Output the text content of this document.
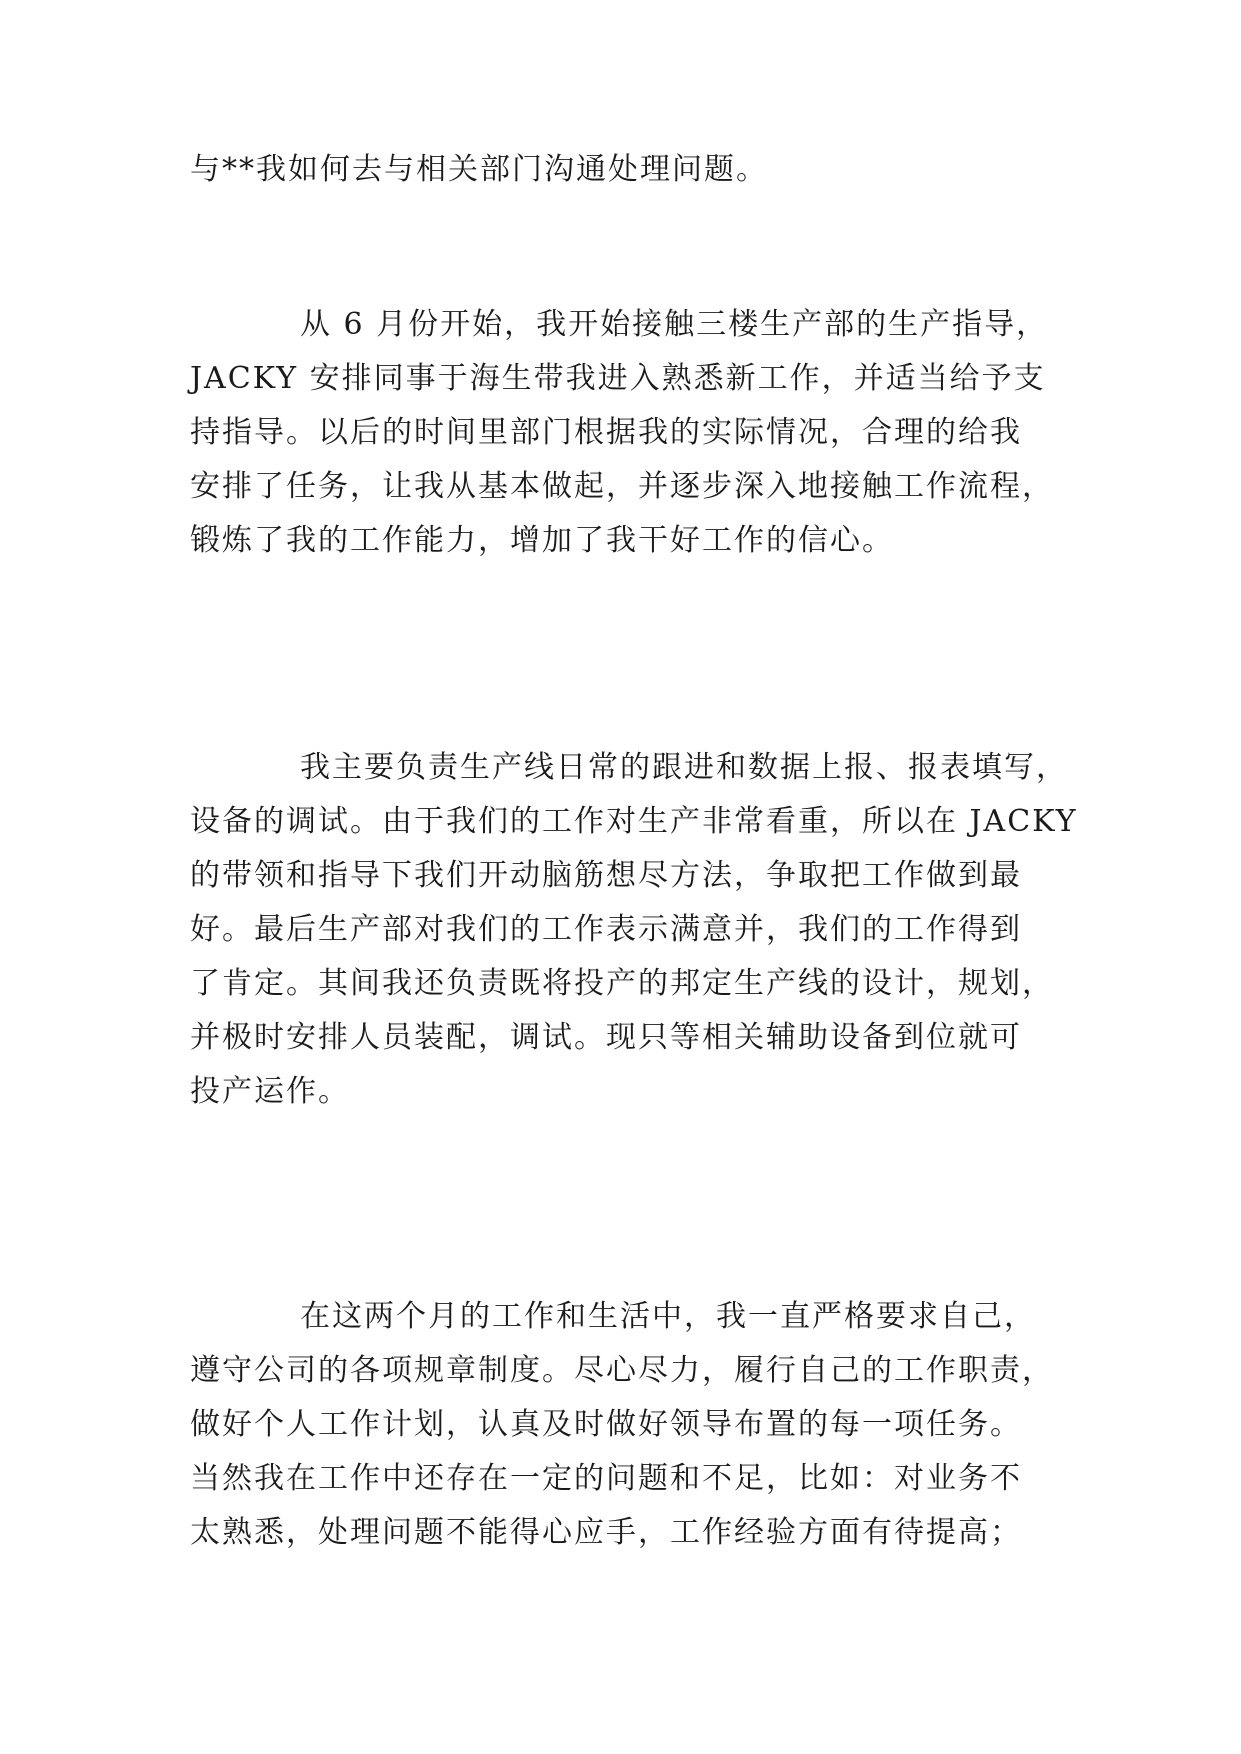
与**我如何去与相关部门沟通处理问题。
从 6 月份开始，我开始接触三楼生产部的生产指导，
JACKY 安排同事于海生带我进入熟悉新工作，并适当给予支
持指导。以后的时间里部门根据我的实际情况，合理的给我
安排了任务，让我从基本做起，并逐步深入地接触工作流程，
锻炼了我的工作能力，增加了我干好工作的信心。
我主要负责生产线日常的跟进和数据上报、报表填写，
设备的调试。由于我们的工作对生产非常看重，所以在 JACKY
的带领和指导下我们开动脑筋想尽方法，争取把工作做到最
好。最后生产部对我们的工作表示满意并，我们的工作得到
了肯定。其间我还负责既将投产的邦定生产线的设计，规划，
并极时安排人员装配，调试。现只等相关辅助设备到位就可
投产运作。
在这两个月的工作和生活中，我一直严格要求自己，
遵守公司的各项规章制度。尽心尽力，履行自己的工作职责，
做好个人工作计划，认真及时做好领导布置的每一项任务。
当然我在工作中还存在一定的问题和不足，比如：对业务不
太熟悉，处理问题不能得心应手，工作经验方面有待提高；
